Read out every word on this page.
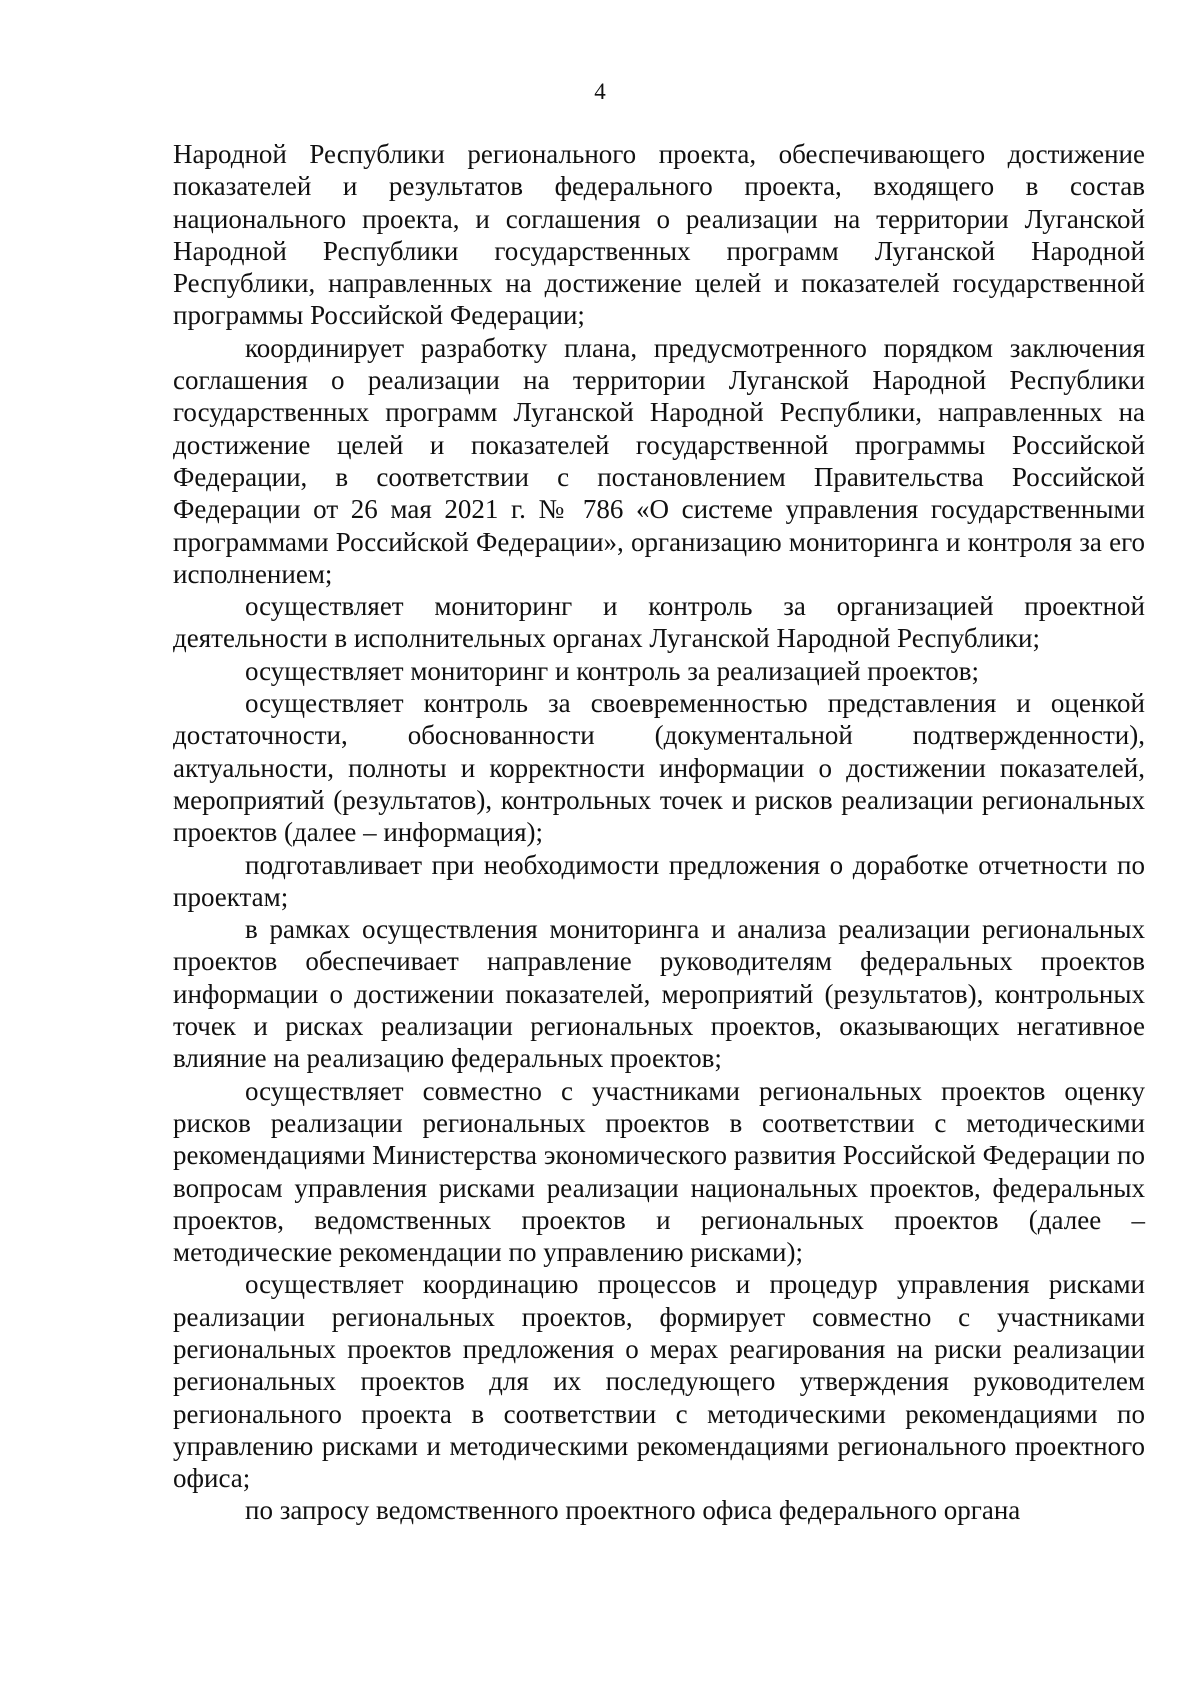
4

Народной Республики регионального проекта, обеспечивающего достижение показателей и результатов федерального проекта, входящего в состав национального проекта, и соглашения о реализации на территории Луганской Народной Республики государственных программ Луганской Народной Республики, направленных на достижение целей и показателей государственной программы Российской Федерации;

координирует разработку плана, предусмотренного порядком заключения соглашения о реализации на территории Луганской Народной Республики государственных программ Луганской Народной Республики, направленных на достижение целей и показателей государственной программы Российской Федерации, в соответствии с постановлением Правительства Российской Федерации от 26 мая 2021 г. № 786 «О системе управления государственными программами Российской Федерации», организацию мониторинга и контроля за его исполнением;

осуществляет мониторинг и контроль за организацией проектной деятельности в исполнительных органах Луганской Народной Республики;

осуществляет мониторинг и контроль за реализацией проектов;

осуществляет контроль за своевременностью представления и оценкой достаточности, обоснованности (документальной подтвержденности), актуальности, полноты и корректности информации о достижении показателей, мероприятий (результатов), контрольных точек и рисков реализации региональных проектов (далее – информация);

подготавливает при необходимости предложения о доработке отчетности по проектам;

в рамках осуществления мониторинга и анализа реализации региональных проектов обеспечивает направление руководителям федеральных проектов информации о достижении показателей, мероприятий (результатов), контрольных точек и рисках реализации региональных проектов, оказывающих негативное влияние на реализацию федеральных проектов;

осуществляет совместно с участниками региональных проектов оценку рисков реализации региональных проектов в соответствии с методическими рекомендациями Министерства экономического развития Российской Федерации по вопросам управления рисками реализации национальных проектов, федеральных проектов, ведомственных проектов и региональных проектов (далее – методические рекомендации по управлению рисками);

осуществляет координацию процессов и процедур управления рисками реализации региональных проектов, формирует совместно с участниками региональных проектов предложения о мерах реагирования на риски реализации региональных проектов для их последующего утверждения руководителем регионального проекта в соответствии с методическими рекомендациями по управлению рисками и методическими рекомендациями регионального проектного офиса;

по запросу ведомственного проектного офиса федерального органа
